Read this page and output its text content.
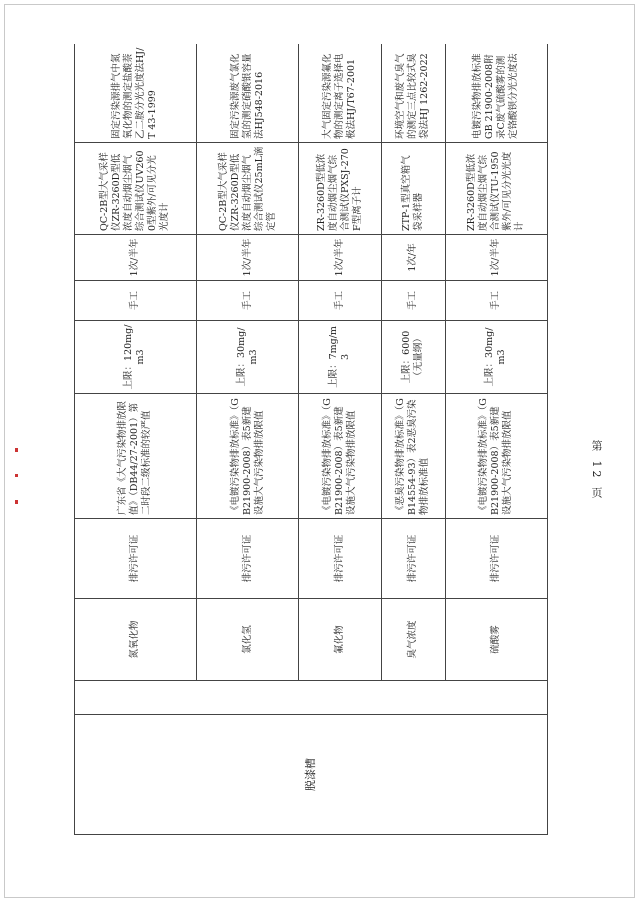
脱漆槽		氮氧化物	排污许可证	广东省《大气污染物排放限值》（DB44/27-2001）第二时段二级标准的较严值	上限：120mg/m3	手工	1次/半年	QC-2B型大气采样仪ZR-3260D型低浓度自动烟尘烟气综合测试仪UV2600型紫外/可见分光光度计	固定污染源排气中氮氧化物的测定盐酸萘乙二胺分光光度法HJ/T 43-1999
		氯化氢	排污许可证	《电镀污染物排放标准》（GB21900-2008）表5新建设施大气污染物排放限值	上限：30mg/m3	手工	1次/半年	QC-2B型大气采样仪ZR-3260D型低浓度自动烟尘烟气综合测试仪25mL滴定管	固定污染源废气氯化氢的测定硝酸银容量法HJ548-2016
		氟化物	排污许可证	《电镀污染物排放标准》（GB21900-2008）表5新建设施大气污染物排放限值	上限：7mg/m3	手工	1次/半年	ZR-3260D型低浓度自动烟尘烟气综合测试仪PXSJ-270F型离子计	大气固定污染源氟化物的测定离子选择电极法HJ/T67-2001
		臭气浓度	排污许可证	《恶臭污染物排放标准》（GB14554-93）表2恶臭污染物排放标准值	上限：6000（无量纲）	手工	1次/年	ZTP-1型真空箱气袋采样器	环境空气和废气臭气的测定三点比较式臭袋法HJ 1262-2022
		硫酸雾	排污许可证	《电镀污染物排放标准》（GB21900-2008）表5新建设施大气污染物排放限值	上限：30mg/m3	手工	1次/半年	ZR-3260D型低浓度自动烟尘烟气综合测试仪TU-1950紫外/可见分光光度计	电镀污染物排放标准GB 21900-2008附录C废气硫酸雾的测定铬酸钡分光光度法
第 12 页
